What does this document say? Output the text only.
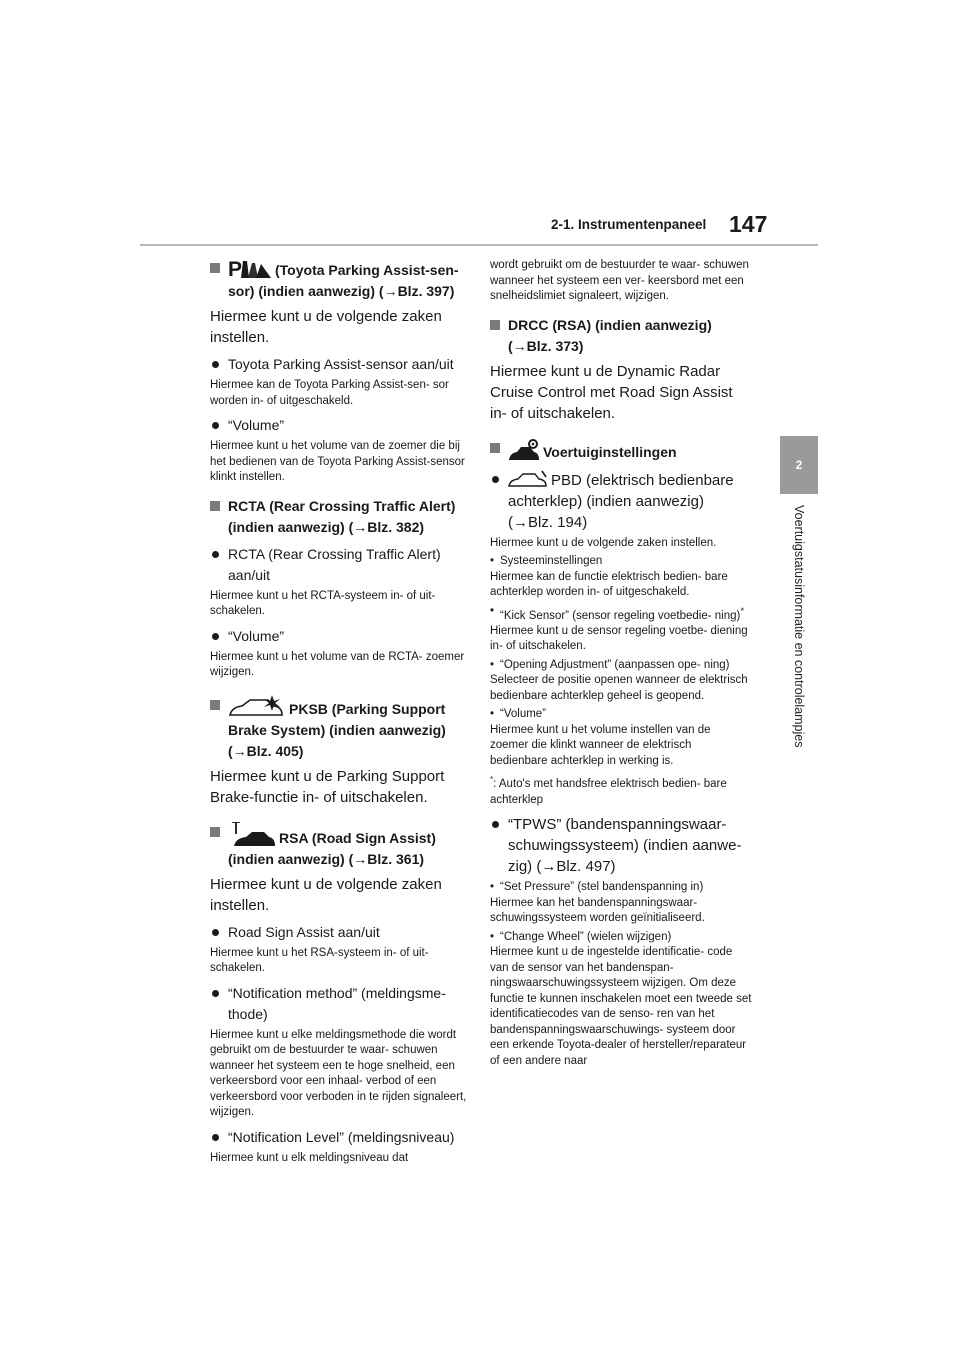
2-1. Instrumentenpaneel 147
2
Voertuigstatusinformatie en controlelampjes
P (Toyota Parking Assist-sen- sor) (indien aanwezig) (→Blz. 397)
Hiermee kunt u de volgende zaken instellen.
Toyota Parking Assist-sensor aan/uit
Hiermee kan de Toyota Parking Assist-sen- sor worden in- of uitgeschakeld.
“Volume”
Hiermee kunt u het volume van de zoemer die bij het bedienen van de Toyota Parking Assist-sensor klinkt instellen.
RCTA (Rear Crossing Traffic Alert) (indien aanwezig) (→Blz. 382)
RCTA (Rear Crossing Traffic Alert) aan/uit
Hiermee kunt u het RCTA-systeem in- of uit- schakelen.
“Volume”
Hiermee kunt u het volume van de RCTA- zoemer wijzigen.
PKSB (Parking Support Brake System) (indien aanwezig) (→Blz. 405)
Hiermee kunt u de Parking Support Brake-functie in- of uitschakelen.
RSA (Road Sign Assist) (indien aanwezig) (→Blz. 361)
Hiermee kunt u de volgende zaken instellen.
Road Sign Assist aan/uit
Hiermee kunt u het RSA-systeem in- of uit- schakelen.
“Notification method” (meldingsme- thode)
Hiermee kunt u elke meldingsmethode die wordt gebruikt om de bestuurder te waar- schuwen wanneer het systeem een te hoge snelheid, een verkeersbord voor een inhaal- verbod of een verkeersbord voor verboden in te rijden signaleert, wijzigen.
“Notification Level” (meldingsniveau)
Hiermee kunt u elk meldingsniveau dat
wordt gebruikt om de bestuurder te waar- schuwen wanneer het systeem een ver- keersbord met een snelheidslimiet signaleert, wijzigen.
DRCC (RSA) (indien aanwezig) (→Blz. 373)
Hiermee kunt u de Dynamic Radar Cruise Control met Road Sign Assist in- of uitschakelen.
Voertuiginstellingen
PBD (elektrisch bedienbare achterklep) (indien aanwezig) (→Blz. 194)
Hiermee kunt u de volgende zaken instellen.
• Systeeminstellingen
Hiermee kan de functie elektrisch bedien- bare achterklep worden in- of uitgeschakeld.
• “Kick Sensor” (sensor regeling voetbedie- ning)*
Hiermee kunt u de sensor regeling voetbe- diening in- of uitschakelen.
• “Opening Adjustment” (aanpassen ope- ning)
Selecteer de positie openen wanneer de elektrisch bedienbare achterklep geheel is geopend.
• “Volume”
Hiermee kunt u het volume instellen van de zoemer die klinkt wanneer de elektrisch bedienbare achterklep in werking is.
*: Auto's met handsfree elektrisch bedien- bare achterklep
“TPWS” (bandenspanningswaar- schuwingssysteem) (indien aanwe- zig) (→Blz. 497)
• “Set Pressure” (stel bandenspanning in)
Hiermee kan het bandenspanningswaar- schuwingssysteem worden geïnitialiseerd.
• “Change Wheel” (wielen wijzigen)
Hiermee kunt u de ingestelde identificatie- code van de sensor van het bandenspan- ningswaarschuwingssysteem wijzigen. Om deze functie te kunnen inschakelen moet een tweede set identificatiecodes van de senso- ren van het bandenspanningswaarschuwings- systeem door een erkende Toyota-dealer of hersteller/reparateur of een andere naar
